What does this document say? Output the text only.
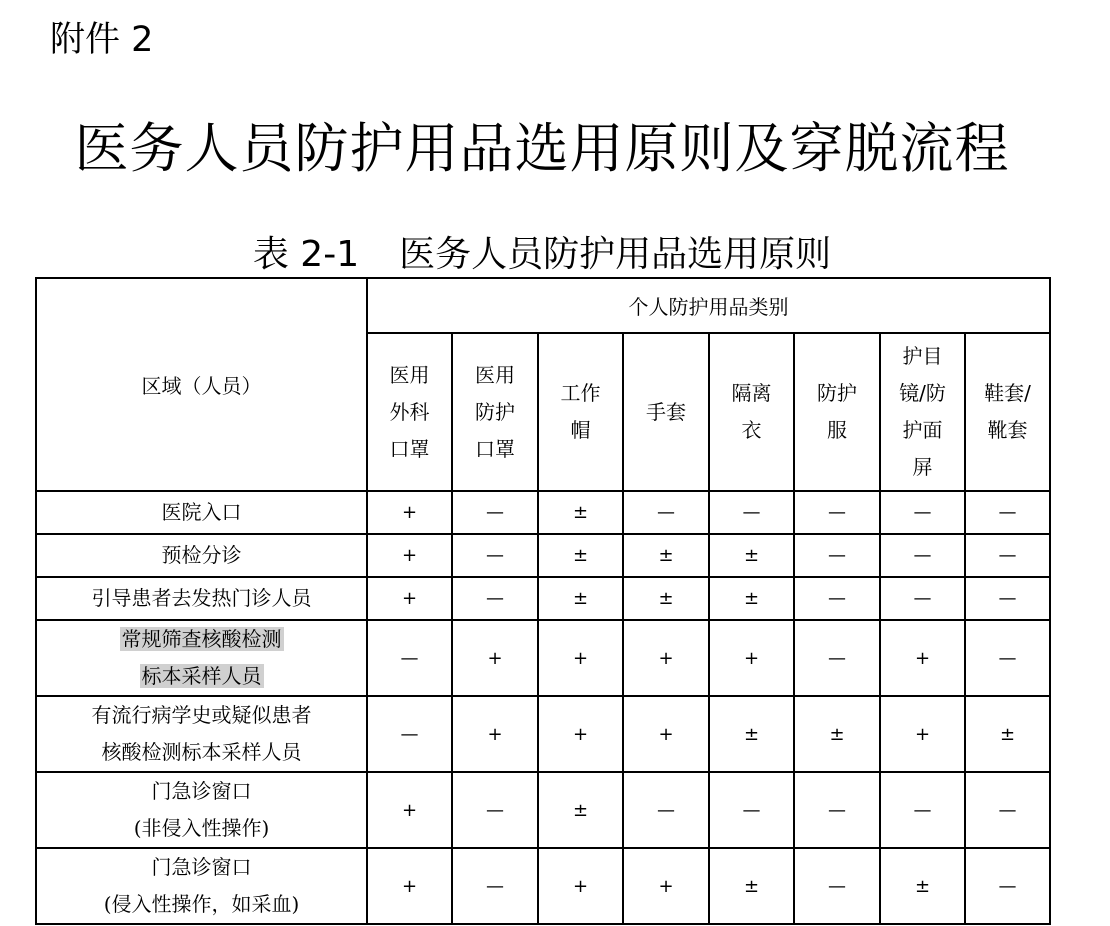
附件 2
医务人员防护用品选用原则及穿脱流程
表 2-1 医务人员防护用品选用原则
区域（人员）	个人防护用品类别							

	医用
外科
口罩	医用
防护
口罩	工作
帽	手套	隔离
衣	防护
服	护目
镜/防
护面
屏	鞋套/
靴套

医院入口	+	—	±	—	—	—	—	—

预检分诊	+	—	±	±	±	—	—	—

引导患者去发热门诊人员	+	—	±	±	±	—	—	—

常规筛查核酸检测
标本采样人员	—	+	+	+	+	—	+	—

有流行病学史或疑似患者
核酸检测标本采样人员	—	+	+	+	±	±	+	±

门急诊窗口
(非侵入性操作)	+	—	±	—	—	—	—	—

门急诊窗口
(侵入性操作，如采血)	+	—	+	+	±	—	±	—
